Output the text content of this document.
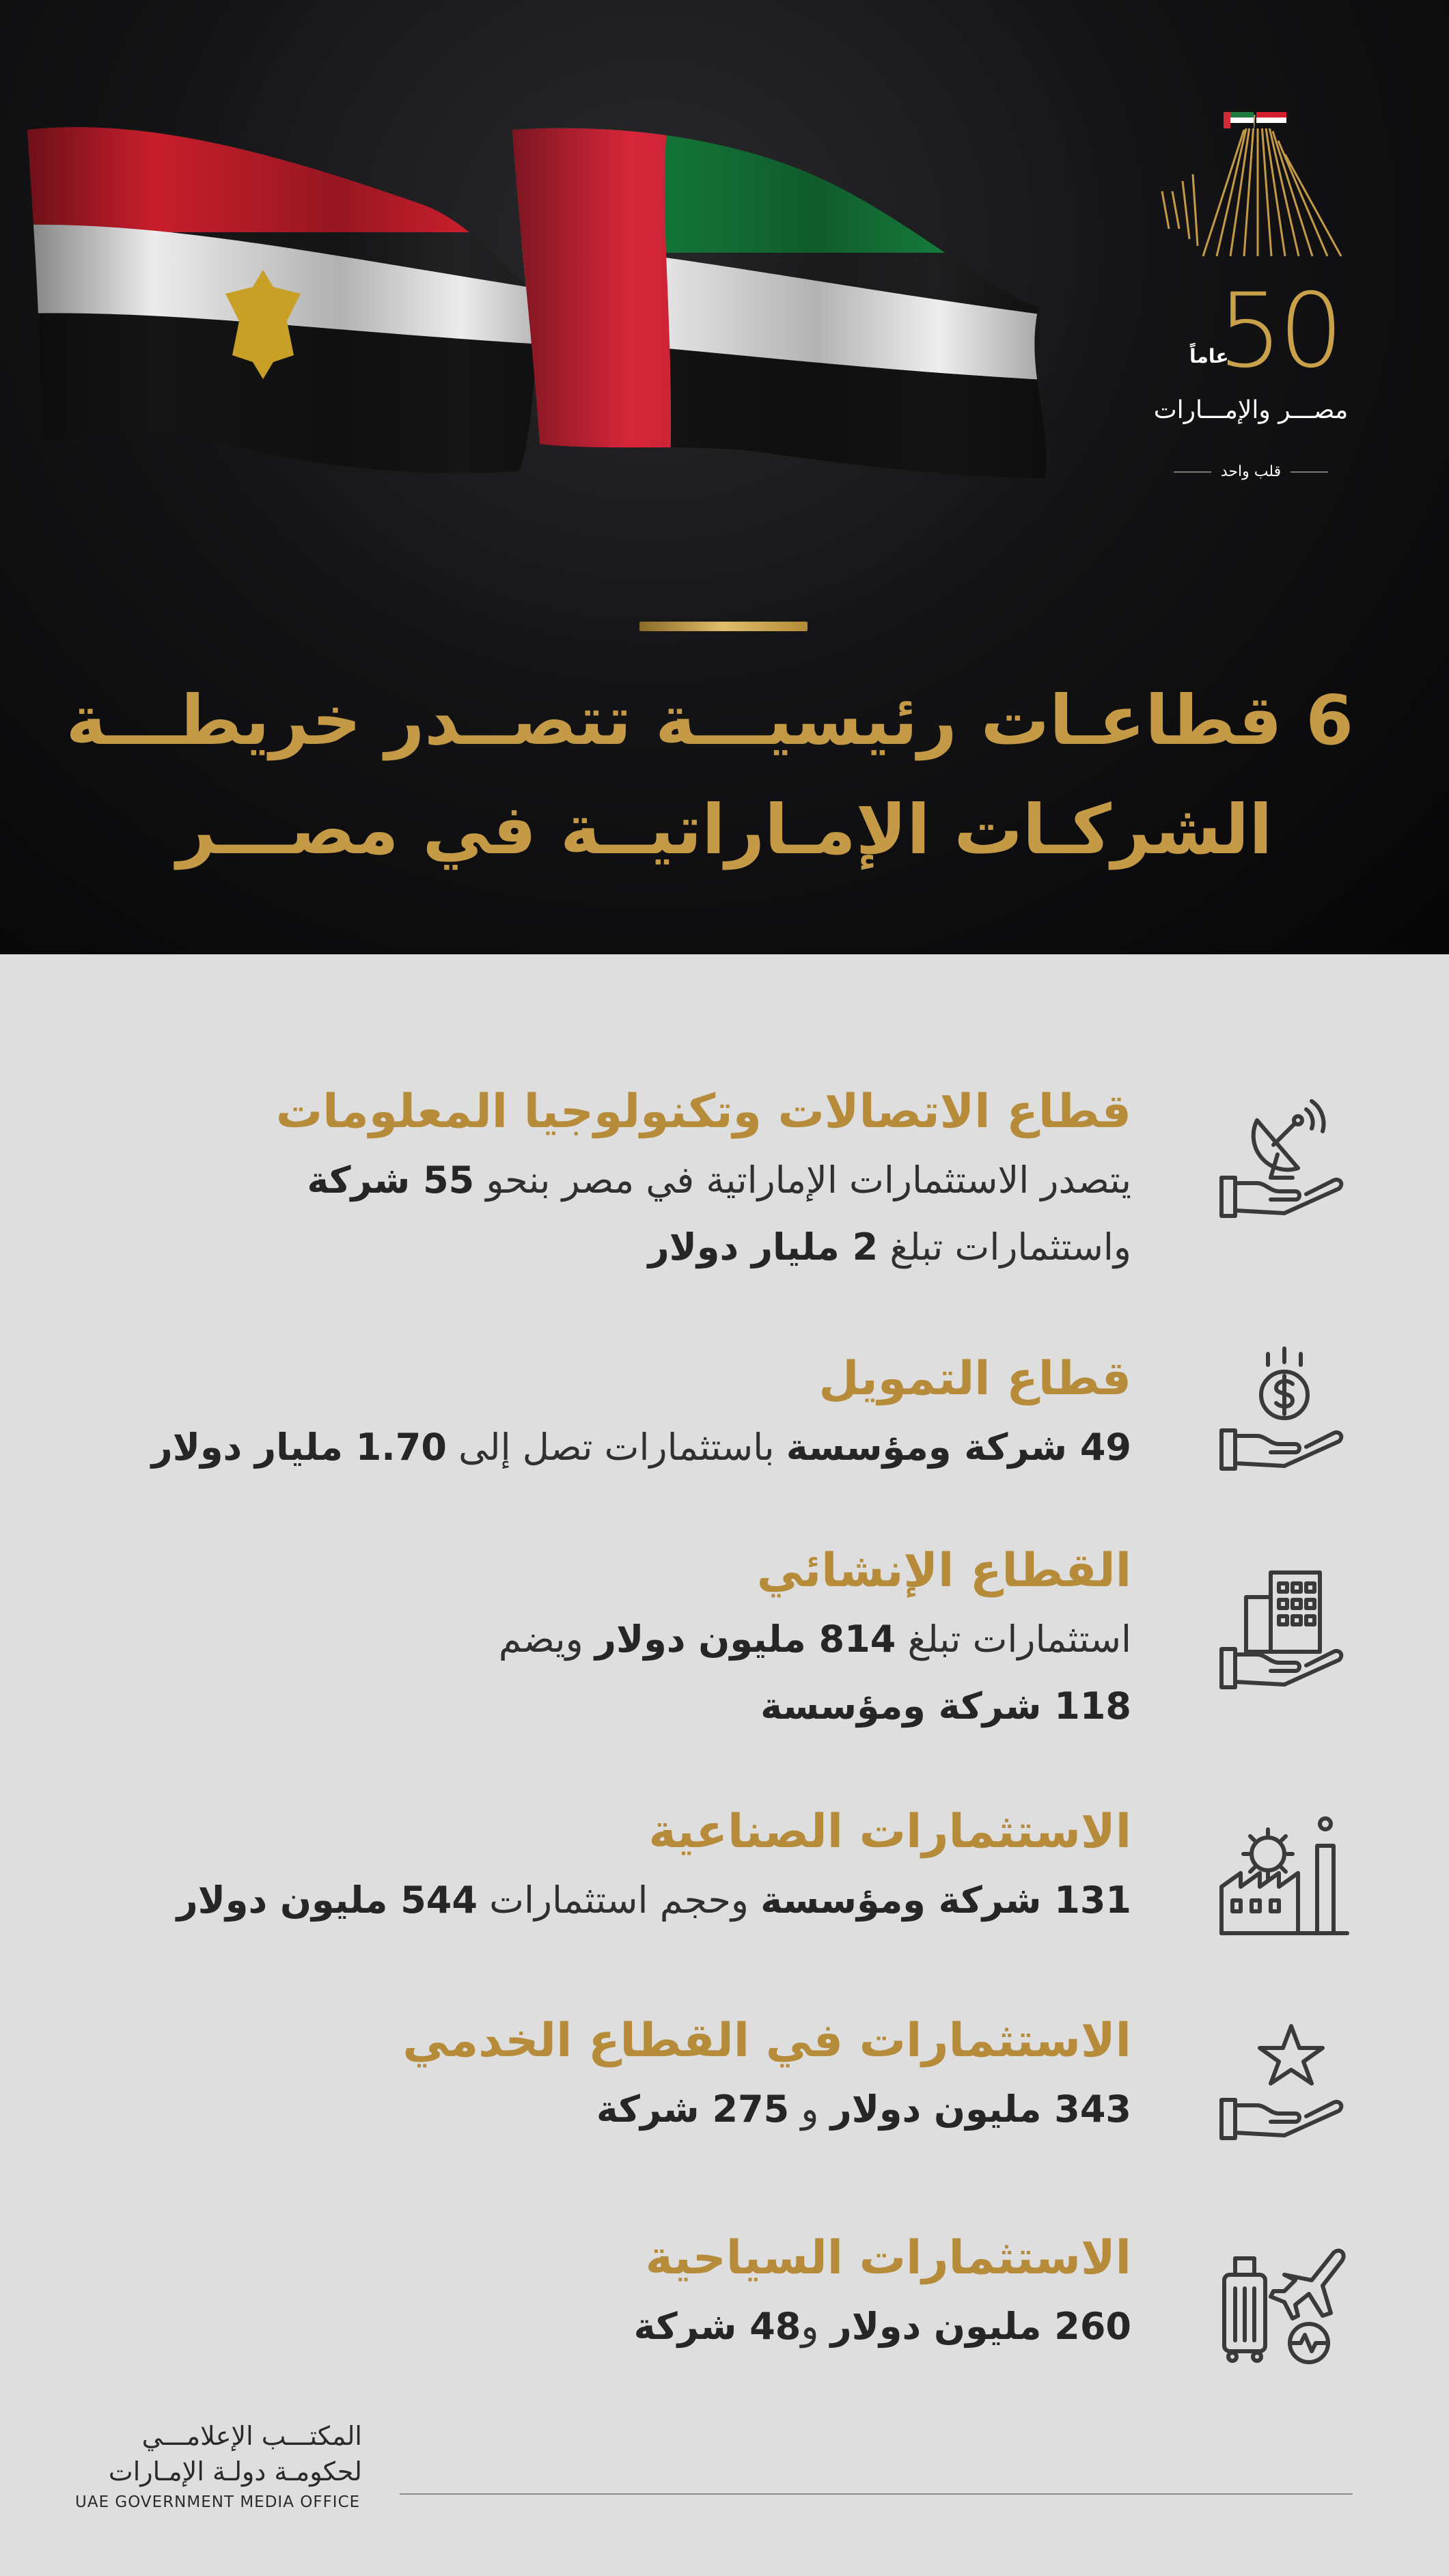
50
عاماً
مصـــر والإمـــارات
قلب واحد
6 قطاعـات رئيسيـــة تتصــدر خريطـــة
الشركـات الإمـاراتيــة في مصـــر
قطاع الاتصالات وتكنولوجيا المعلومات

يتصدر الاستثمارات الإماراتية في مصر بنحو 55 شركة

واستثمارات تبلغ 2 مليار دولار

قطاع التمويل

49 شركة ومؤسسة باستثمارات تصل إلى 1.70 مليار دولار

القطاع الإنشائي

استثمارات تبلغ 814 مليون دولار ويضم

118 شركة ومؤسسة

الاستثمارات الصناعية

131 شركة ومؤسسة وحجم استثمارات 544 مليون دولار

الاستثمارات في القطاع الخدمي

343 مليون دولار و 275 شركة

الاستثمارات السياحية

260 مليون دولار و48 شركة

المكتـــب الإعلامـــي
لحكومـة دولـة الإمـارات
UAE GOVERNMENT MEDIA OFFICE
